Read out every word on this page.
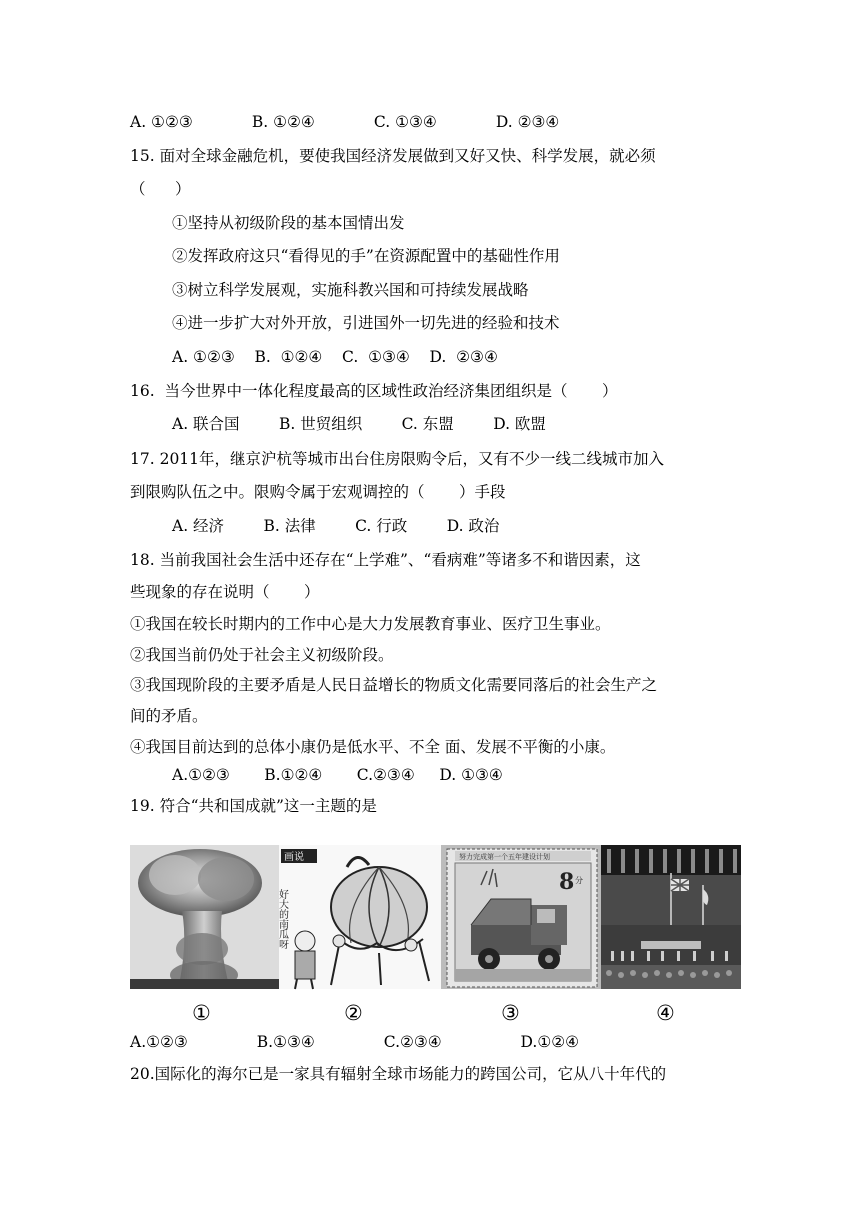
A. ①②③            B. ①②④            C. ①③④            D. ②③④
15. 面对全球金融危机，要使我国经济发展做到又好又快、科学发展，就必须
（      ）
①坚持从初级阶段的基本国情出发
②发挥政府这只“看得见的手”在资源配置中的基础性作用
③树立科学发展观，实施科教兴国和可持续发展战略
④进一步扩大对外开放，引进国外一切先进的经验和技术
A. ①②③    B.  ①②④    C.  ①③④    D.  ②③④
16.  当今世界中一体化程度最高的区域性政治经济集团组织是（       ）
A. 联合国        B. 世贸组织        C. 东盟        D. 欧盟
17. 2011年，继京沪杭等城市出台住房限购令后，又有不少一线二线城市加入
到限购队伍之中。限购令属于宏观调控的（       ）手段
A. 经济        B. 法律        C. 行政        D. 政治
18. 当前我国社会生活中还存在“上学难”、“看病难”等诸多不和谐因素，这
些现象的存在说明（       ）
①我国在较长时期内的工作中心是大力发展教育事业、医疗卫生事业。
②我国当前仍处于社会主义初级阶段。
③我国现阶段的主要矛盾是人民日益增长的物质文化需要同落后的社会生产之
间的矛盾。
④我国目前达到的总体小康仍是低水平、不全 面、发展不平衡的小康。
A.①②③       B.①②④       C.②③④     D. ①③④
19. 符合“共和国成就”这一主题的是
画说
好大的南瓜呀
努力完成第一个五年建设计划
8 分
①	②	③	④
A.①②③              B.①③④              C.②③④                D.①②④
20.国际化的海尔已是一家具有辐射全球市场能力的跨国公司，它从八十年代的
